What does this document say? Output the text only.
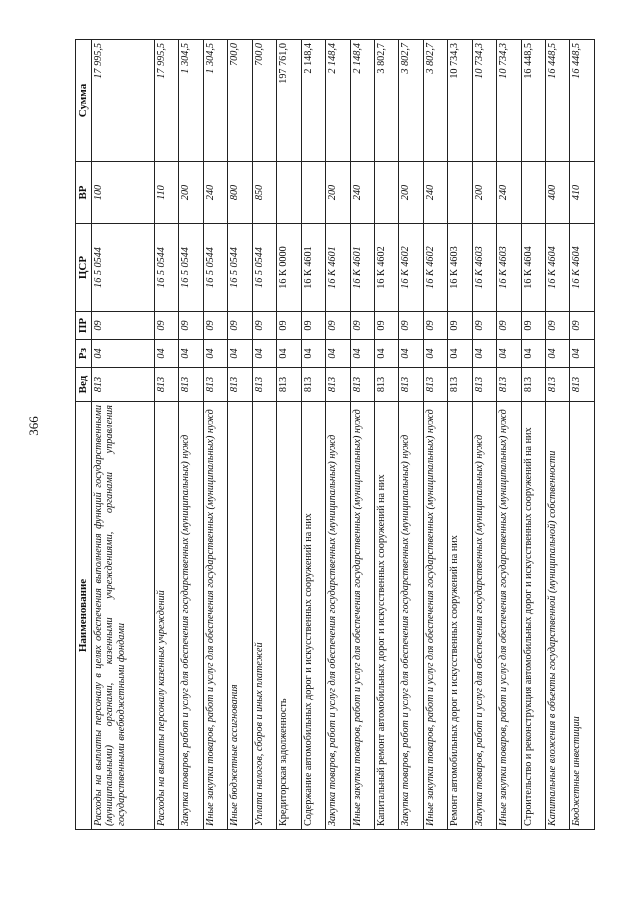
366
Наименование	Вед	Рз	ПР	ЦСР	ВР	Сумма
Расходы на выплаты персоналу в целях обеспечения выполнения функций государственными (муниципальными) органами, казенными учреждениями, органами управления государственными внебюджетными фондами	813	04	09	16 5 0544	100	17 995,5
Расходы на выплаты персоналу казенных учреждений	813	04	09	16 5 0544	110	17 995,5
Закупка товаров, работ и услуг для обеспечения государственных (муниципальных) нужд	813	04	09	16 5 0544	200	1 304,5
Иные закупки товаров, работ и услуг для обеспечения государственных (муниципальных) нужд	813	04	09	16 5 0544	240	1 304,5
Иные бюджетные ассигнования	813	04	09	16 5 0544	800	700,0
Уплата налогов, сборов и иных платежей	813	04	09	16 5 0544	850	700,0
Кредиторская задолженность	813	04	09	16 К 0000		197 761,0
Содержание автомобильных дорог и искусственных сооружений на них	813	04	09	16 К 4601		2 148,4
Закупка товаров, работ и услуг для обеспечения государственных (муниципальных) нужд	813	04	09	16 К 4601	200	2 148,4
Иные закупки товаров, работ и услуг для обеспечения государственных (муниципальных) нужд	813	04	09	16 К 4601	240	2 148,4
Капитальный ремонт автомобильных дорог и искусственных сооружений на них	813	04	09	16 К 4602		3 802,7
Закупка товаров, работ и услуг для обеспечения государственных (муниципальных) нужд	813	04	09	16 К 4602	200	3 802,7
Иные закупки товаров, работ и услуг для обеспечения государственных (муниципальных) нужд	813	04	09	16 К 4602	240	3 802,7
Ремонт автомобильных дорог и искусственных сооружений на них	813	04	09	16 К 4603		10 734,3
Закупка товаров, работ и услуг для обеспечения государственных (муниципальных) нужд	813	04	09	16 К 4603	200	10 734,3
Иные закупки товаров, работ и услуг для обеспечения государственных (муниципальных) нужд	813	04	09	16 К 4603	240	10 734,3
Строительство и реконструкция автомобильных дорог и искусственных сооружений на них	813	04	09	16 К 4604		16 448,5
Капитальные вложения в объекты государственной (муниципальной) собственности	813	04	09	16 К 4604	400	16 448,5
Бюджетные инвестиции	813	04	09	16 К 4604	410	16 448,5
